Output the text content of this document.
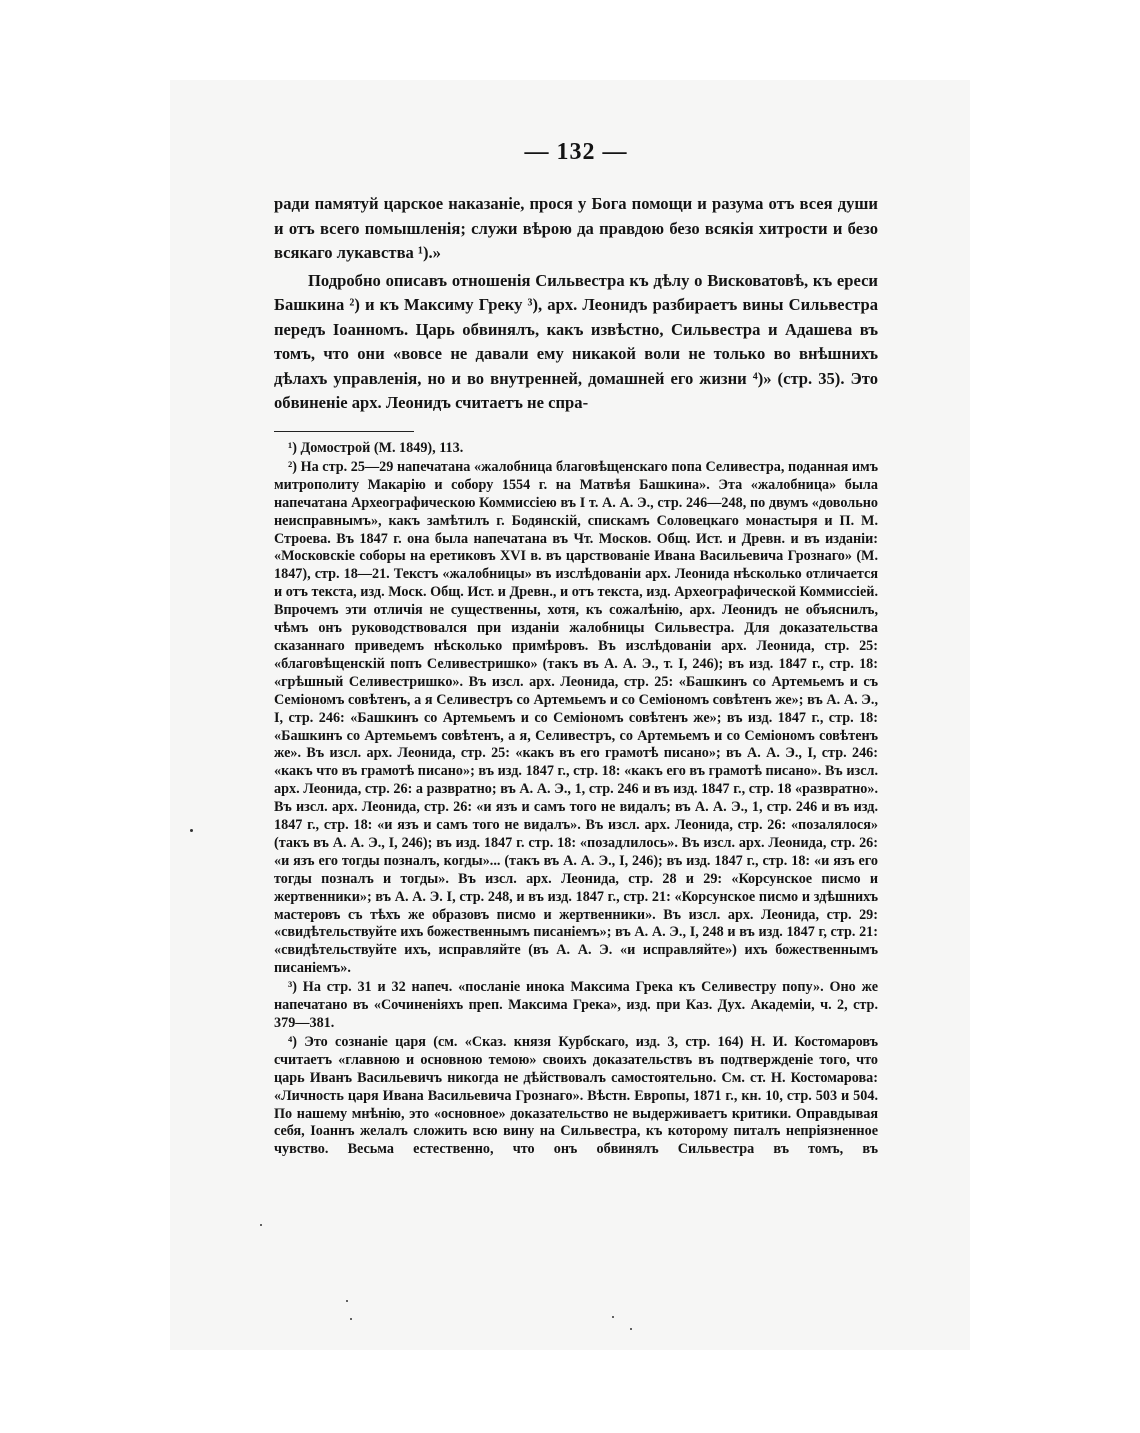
— 132 —

ради памятуй царское наказаніе, прося у Бога помощи и разума отъ всея души и отъ всего помышленія; служи вѣрою да правдою безо всякія хитрости и безо всякаго лукавства ¹).»

Подробно описавъ отношенія Сильвестра къ дѣлу о Висковатовѣ, къ ереси Башкина ²) и къ Максиму Греку ³), арх. Леонидъ разбираетъ вины Сильвестра передъ Іоанномъ. Царь обвинялъ, какъ извѣстно, Сильвестра и Адашева въ томъ, что они «вовсе не давали ему никакой воли не только во внѣшнихъ дѣлахъ управленія, но и во внутренней, домашней его жизни ⁴)» (стр. 35). Это обвиненіе арх. Леонидъ считаетъ не спра-

¹) Домострой (М. 1849), 113.

²) На стр. 25—29 напечатана «жалобница благовѣщенскаго попа Селивестра, поданная имъ митрополиту Макарію и собору 1554 г. на Матвѣя Башкина». Эта «жалобница» была напечатана Археографическою Коммиссіею въ I т. А. А. Э., стр. 246—248, по двумъ «довольно неисправнымъ», какъ замѣтилъ г. Бодянскій, спискамъ Соловецкаго монастыря и П. М. Строева. Въ 1847 г. она была напечатана въ Чт. Москов. Общ. Ист. и Древн. и въ изданіи: «Московскіе соборы на еретиковъ XVI в. въ царствованіе Ивана Васильевича Грознаго» (М. 1847), стр. 18—21. Текстъ «жалобницы» въ изслѣдованіи арх. Леонида нѣсколько отличается и отъ текста, изд. Моск. Общ. Ист. и Древн., и отъ текста, изд. Археографической Коммиссіей. Впрочемъ эти отличія не существенны, хотя, къ сожалѣнію, арх. Леонидъ не объяснилъ, чѣмъ онъ руководствовался при изданіи жалобницы Сильвестра. Для доказательства сказаннаго приведемъ нѣсколько примѣровъ. Въ изслѣдованіи арх. Леонида, стр. 25: «благовѣщенскій попъ Селивестришко» (такъ въ А. А. Э., т. I, 246); въ изд. 1847 г., стр. 18: «грѣшный Селивестришко». Въ изсл. арх. Леонида, стр. 25: «Башкинъ со Артемьемъ и съ Семіономъ совѣтенъ, а я Селивестръ со Артемьемъ и со Семіономъ совѣтенъ же»; въ А. А. Э., I, стр. 246: «Башкинъ со Артемьемъ и со Семіономъ совѣтенъ же»; въ изд. 1847 г., стр. 18: «Башкинъ со Артемьемъ совѣтенъ, а я, Селивестръ, со Артемьемъ и со Семіономъ совѣтенъ же». Въ изсл. арх. Леонида, стр. 25: «какъ въ его грамотѣ писано»; въ А. А. Э., I, стр. 246: «какъ что въ грамотѣ писано»; въ изд. 1847 г., стр. 18: «какъ его въ грамотѣ писано». Въ изсл. арх. Леонида, стр. 26: а развратно; въ А. А. Э., 1, стр. 246 и въ изд. 1847 г., стр. 18 «развратно». Въ изсл. арх. Леонида, стр. 26: «и язъ и самъ того не видалъ; въ А. А. Э., 1, стр. 246 и въ изд. 1847 г., стр. 18: «и язъ и самъ того не видалъ». Въ изсл. арх. Леонида, стр. 26: «позалялося» (такъ въ А. А. Э., I, 246); въ изд. 1847 г. стр. 18: «позадлилось». Въ изсл. арх. Леонида, стр. 26: «и язъ его тогды позналъ, когды»... (такъ въ А. А. Э., I, 246); въ изд. 1847 г., стр. 18: «и язъ его тогды позналъ и тогды». Въ изсл. арх. Леонида, стр. 28 и 29: «Корсунское писмо и жертвенники»; въ А. А. Э. I, стр. 248, и въ изд. 1847 г., стр. 21: «Корсунское писмо и здѣшнихъ мастеровъ съ тѣхъ же образовъ писмо и жертвенники». Въ изсл. арх. Леонида, стр. 29: «свидѣтельствуйте ихъ божественнымъ писаніемъ»; въ А. А. Э., I, 248 и въ изд. 1847 г, стр. 21: «свидѣтельствуйте ихъ, исправляйте (въ А. А. Э. «и исправляйте») ихъ божественнымъ писаніемъ».

³) На стр. 31 и 32 напеч. «посланіе инока Максима Грека къ Селивестру попу». Оно же напечатано въ «Сочиненіяхъ преп. Максима Грека», изд. при Каз. Дух. Академіи, ч. 2, стр. 379—381.

⁴) Это сознаніе царя (см. «Сказ. князя Курбскаго, изд. 3, стр. 164) Н. И. Костомаровъ считаетъ «главною и основною темою» своихъ доказательствъ въ подтвержденіе того, что царь Иванъ Васильевичъ никогда не дѣйствовалъ самостоятельно. См. ст. Н. Костомарова: «Личность царя Ивана Васильевича Грознаго». Вѣстн. Европы, 1871 г., кн. 10, стр. 503 и 504. По нашему мнѣнію, это «основное» доказательство не выдерживаетъ критики. Оправдывая себя, Іоаннъ желалъ сложить всю вину на Сильвестра, къ которому питалъ непріязненное чувство. Весьма естественно, что онъ обвинялъ Сильвестра въ томъ, въ
